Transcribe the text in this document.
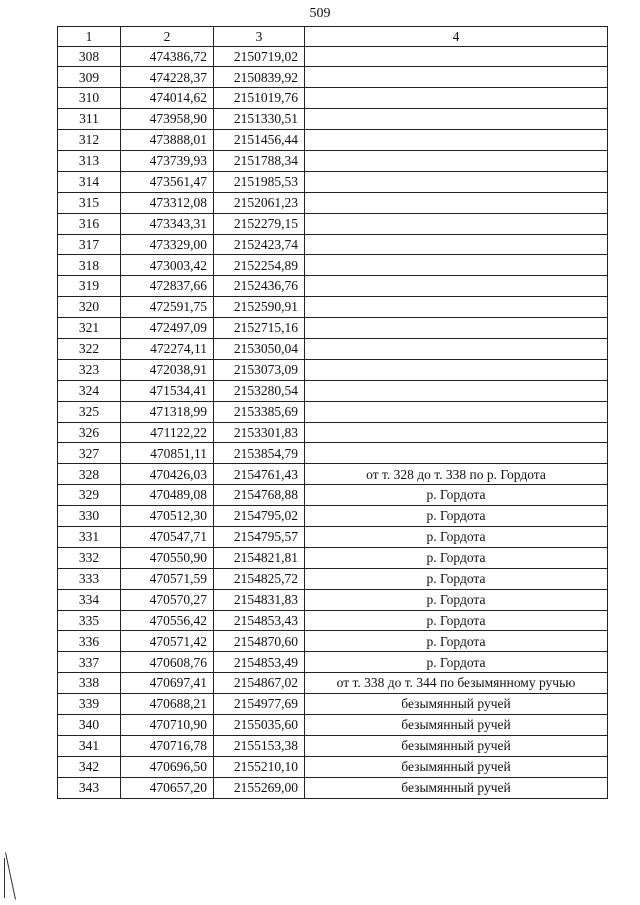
509
1	2	3	4
308	474386,72	2150719,02	
309	474228,37	2150839,92	
310	474014,62	2151019,76	
311	473958,90	2151330,51	
312	473888,01	2151456,44	
313	473739,93	2151788,34	
314	473561,47	2151985,53	
315	473312,08	2152061,23	
316	473343,31	2152279,15	
317	473329,00	2152423,74	
318	473003,42	2152254,89	
319	472837,66	2152436,76	
320	472591,75	2152590,91	
321	472497,09	2152715,16	
322	472274,11	2153050,04	
323	472038,91	2153073,09	
324	471534,41	2153280,54	
325	471318,99	2153385,69	
326	471122,22	2153301,83	
327	470851,11	2153854,79	
328	470426,03	2154761,43	от т. 328 до т. 338 по р. Гордота
329	470489,08	2154768,88	р. Гордота
330	470512,30	2154795,02	р. Гордота
331	470547,71	2154795,57	р. Гордота
332	470550,90	2154821,81	р. Гордота
333	470571,59	2154825,72	р. Гордота
334	470570,27	2154831,83	р. Гордота
335	470556,42	2154853,43	р. Гордота
336	470571,42	2154870,60	р. Гордота
337	470608,76	2154853,49	р. Гордота
338	470697,41	2154867,02	от т. 338 до т. 344 по безымянному ручью
339	470688,21	2154977,69	безымянный ручей
340	470710,90	2155035,60	безымянный ручей
341	470716,78	2155153,38	безымянный ручей
342	470696,50	2155210,10	безымянный ручей
343	470657,20	2155269,00	безымянный ручей
